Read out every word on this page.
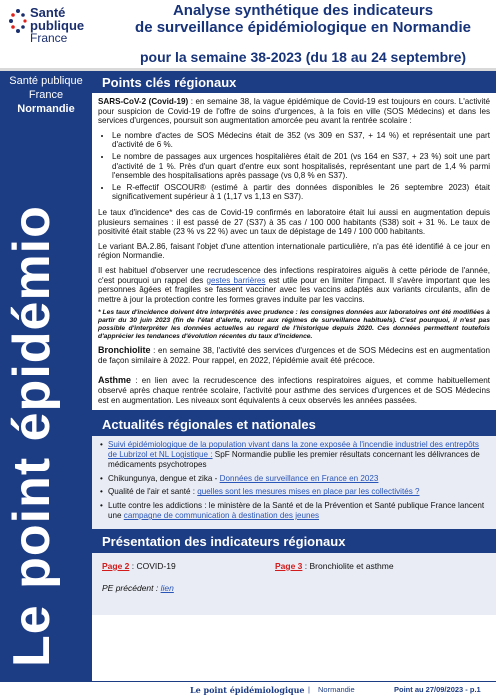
Santé
publique
France
Analyse synthétique des indicateurs
de surveillance épidémiologique en Normandie
pour la semaine 38-2023 (du 18 au 24 septembre)
Santé publique France
Normandie
Le point épidémio
Points clés régionaux

SARS-CoV-2 (Covid-19) : en semaine 38, la vague épidémique de Covid-19 est toujours en cours. L'activité pour suspicion de Covid-19 de l'offre de soins d'urgences, à la fois en ville (SOS Médecins) et dans les services d'urgences, poursuit son augmentation amorcée peu avant la rentrée scolaire :

• Le nombre d'actes de SOS Médecins était de 352 (vs 309 en S37, + 14 %) et représentait une part d'activité de 6 %.
• Le nombre de passages aux urgences hospitalières était de 201 (vs 164 en S37, + 23 %) soit une part d'activité de 1 %. Près d'un quart d'entre eux sont hospitalisés, représentant une part de 1,4 % parmi l'ensemble des hospitalisations après passage (vs 0,8 % en S37).
• Le R-effectif OSCOUR® (estimé à partir des données disponibles le 26 septembre 2023) était significativement supérieur à 1 (1,17 vs 1,13 en S37).

Le taux d'incidence* des cas de Covid-19 confirmés en laboratoire était lui aussi en augmentation depuis plusieurs semaines : il est passé de 27 (S37) à 35 cas / 100 000 habitants (S38) soit + 31 %. Le taux de positivité était stable (23 % vs 22 %) avec un taux de dépistage de 149 / 100 000 habitants.

Le variant BA.2.86, faisant l'objet d'une attention internationale particulière, n'a pas été identifié à ce jour en région Normandie.

Il est habituel d'observer une recrudescence des infections respiratoires aiguës à cette période de l'année, c'est pourquoi un rappel des gestes barrières est utile pour en limiter l'impact. Il s'avère important que les personnes âgées et fragiles se fassent vacciner avec les vaccins adaptés aux variants circulants, afin de mettre à jour la protection contre les formes graves induite par les vaccins.

* Les taux d'incidence doivent être interprétés avec prudence : les consignes données aux laboratoires ont été modifiées à partir du 30 juin 2023 (fin de l'état d'alerte, retour aux régimes de surveillance habituels). C'est pourquoi, il n'est pas possible d'interpréter les données actuelles au regard de l'historique depuis 2020. Ces données permettent toutefois d'apprécier les tendances d'évolution récentes du taux d'incidence.

Bronchiolite : en semaine 38, l'activité des services d'urgences et de SOS Médecins est en augmentation de façon similaire à 2022. Pour rappel, en 2022, l'épidémie avait été précoce.

Asthme : en lien avec la recrudescence des infections respiratoires aigues, et comme habituellement observé après chaque rentrée scolaire, l'activité pour asthme des services d'urgences et de SOS Médecins est en augmentation. Les niveaux sont équivalents à ceux observés les années passées.

Actualités régionales et nationales
• Suivi épidémiologique de la population vivant dans la zone exposée à l'incendie industriel des entrepôts de Lubrizol et NL Logistique : SpF Normandie publie les premier résultats concernant les délivrances de médicaments psychotropes
• Chikungunya, dengue et zika - Données de surveillance en France en 2023
• Qualité de l'air et santé : quelles sont les mesures mises en place par les collectivités ?
• Lutte contre les addictions : le ministère de la Santé et de la Prévention et Santé publique France lancent une campagne de communication à destination des jeunes
Présentation des indicateurs régionaux
Page 2 : COVID-19	Page 3 : Bronchiolite et asthme
PE précédent : lien
Le point épidémiologique | Normandie	Point au 27/09/2023 - p.1
